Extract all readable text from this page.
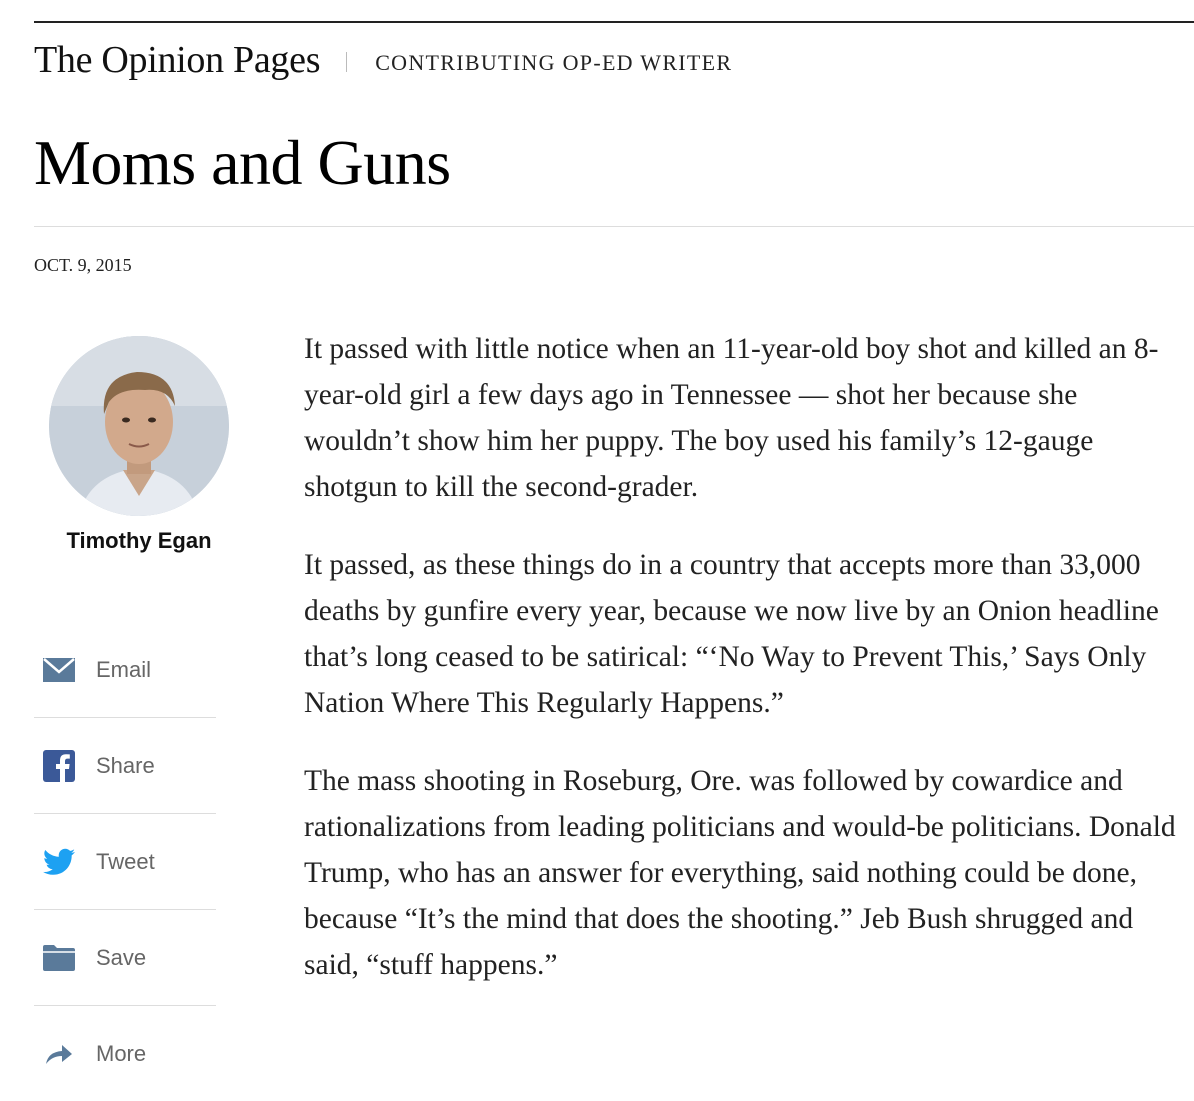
The Opinion Pages	CONTRIBUTING OP-ED WRITER
Moms and Guns
OCT. 9, 2015
Timothy Egan
Email
Share
Tweet
Save
More

It passed with little notice when an 11-year-old boy shot and killed an 8-year-old girl a few days ago in Tennessee — shot her because she wouldn’t show him her puppy. The boy used his family’s 12-gauge shotgun to kill the second-grader.

It passed, as these things do in a country that accepts more than 33,000 deaths by gunfire every year, because we now live by an Onion headline that’s long ceased to be satirical: “‘No Way to Prevent This,’ Says Only Nation Where This Regularly Happens.”

The mass shooting in Roseburg, Ore. was followed by cowardice and rationalizations from leading politicians and would-be politicians. Donald Trump, who has an answer for everything, said nothing could be done, because “It’s the mind that does the shooting.” Jeb Bush shrugged and said, “stuff happens.”
